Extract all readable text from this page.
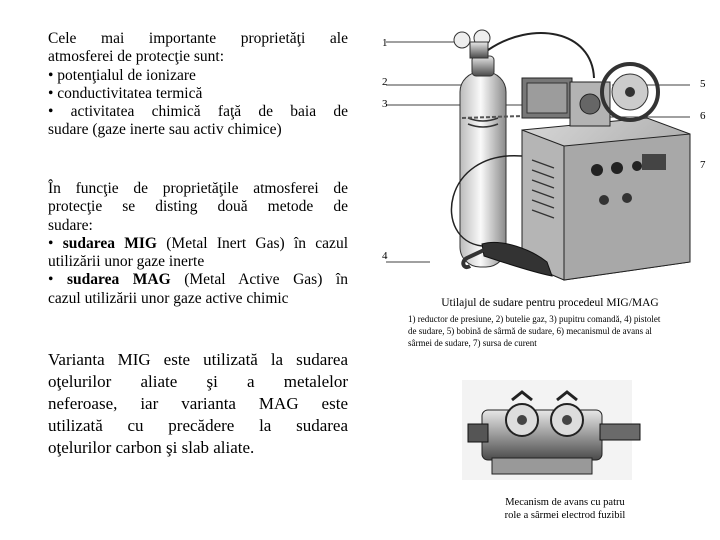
Cele mai importante proprietăţi ale
atmosferei de protecţie sunt:
• potenţialul de ionizare
• conductivitatea termică
• activitatea chimică faţă de baia de
sudare (gaze inerte sau activ chimice)
În funcţie de proprietăţile atmosferei de
protecţie se disting două metode de
sudare:
• sudarea MIG (Metal Inert Gas) în cazul
utilizării unor gaze inerte
• sudarea MAG (Metal Active Gas) în
cazul utilizării unor gaze active chimic
Varianta MIG este utilizată la sudarea
oţelurilor aliate şi a metalelor
neferoase, iar varianta MAG este
utilizată cu precădere la sudarea
oţelurilor carbon şi slab aliate.
1
2
3
4
5
6
7
Utilajul de sudare pentru procedeul MIG/MAG
1) reductor de presiune, 2) butelie gaz, 3) pupitru comandă, 4) pistolet
de sudare, 5) bobină de sârmă de sudare, 6) mecanismul de avans al
sârmei de sudare, 7) sursa de curent
Mecanism de avans cu patru
role a sârmei electrod fuzibil
